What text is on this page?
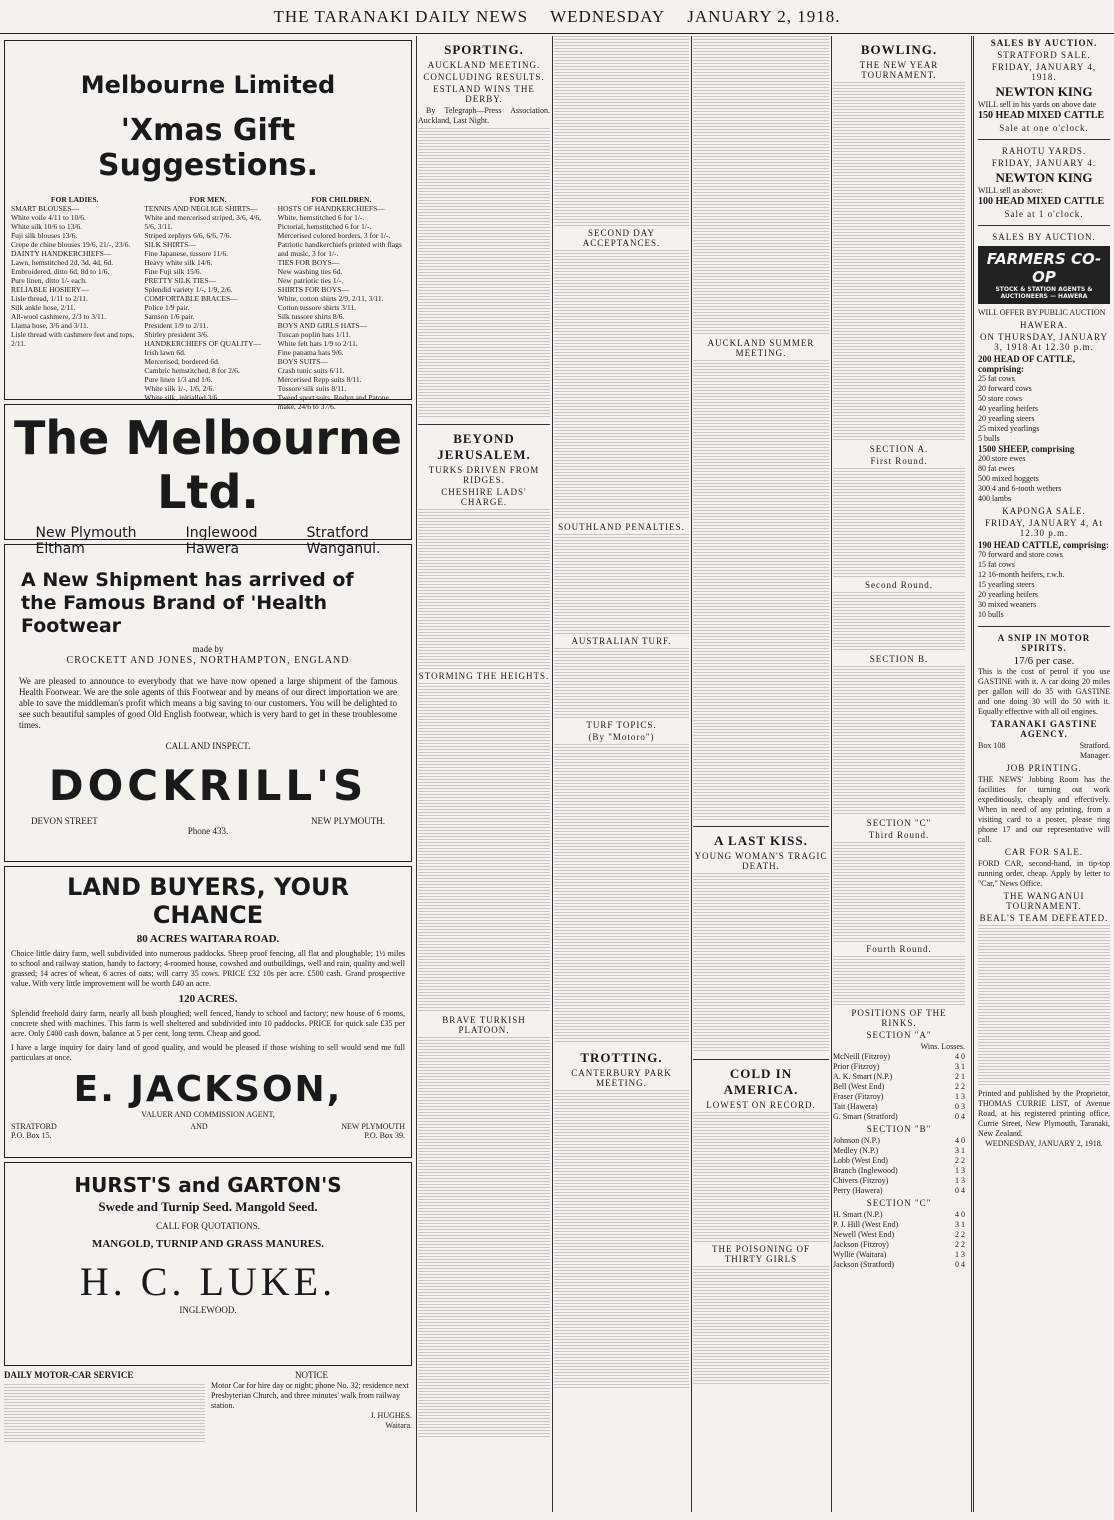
THE TARANAKI DAILY NEWS WEDNESDAY JANUARY 2, 1918.
Melbourne Limited
'Xmas Gift Suggestions.
FOR LADIES.
SMART BLOUSES—
White voile 4/11 to 10/6.
White silk 10/6 to 13/6.
Fuji silk blouses 13/6.
Crepe de chine blouses 19/6, 21/-, 23/6.
DAINTY HANDKERCHIEFS—
Lawn, hemstitched 2d, 3d, 4d, 6d.
Embroidered, ditto 6d, 8d to 1/6.
Pure linen, ditto 1/- each.
RELIABLE HOSIERY—
Lisle thread, 1/11 to 2/11.
Silk ankle hose, 2/11.
All-wool cashmere, 2/3 to 3/11.
Llama hose, 3/6 and 3/11.
Lisle thread with cashmere feet and tops, 2/11.
FOR MEN.
TENNIS AND NEGLIGE SHIRTS—
White and mercerised striped, 3/6, 4/6, 5/6, 3/11.
Striped zephyrs 6/6, 6/6, 7/6.
SILK SHIRTS—
Fine Japanese, tussore 11/6.
Heavy white silk 14/6.
Fine Fuji silk 15/6.
PRETTY SILK TIES—
Splendid variety 1/-, 1/9, 2/6.
COMFORTABLE BRACES—
Police 1/9 pair.
Samson 1/6 pair.
President 1/9 to 2/11.
Shirley president 3/6.
HANDKERCHIEFS OF QUALITY—
Irish lawn 6d.
Mercerised, bordered 6d.
Cambric hemstitched, 8 for 2/6.
Pure linen 1/3 and 1/6.
White silk 1/-, 1/6, 2/6.
White silk, initialled 3/6.
FOR CHILDREN.
HOSTS OF HANDKERCHIEFS—
White, hemstitched 6 for 1/-.
Pictorial, hemstitched 6 for 1/-.
Mercerised colored borders, 3 for 1/-.
Patriotic handkerchiefs printed with flags and music, 3 for 1/-.
TIES FOR BOYS—
New washing ties 6d.
New patriotic ties 1/-.
SHIRTS FOR BOYS—
White, cotton shirts 2/9, 2/11, 3/11.
Cotton tussore shirts 3/11.
Silk tussore shirts 8/6.
BOYS AND GIRLS HATS—
Tuscan poplin hats 1/11.
White felt hats 1/9 to 2/11.
Fine panama hats 9/6.
BOYS SUITS—
Crash tunic suits 6/11.
Mercerised Repp suits 8/11.
Tussore silk suits 8/11.
Tweed sport suits, Rodyn and Patone make, 24/6 to 37/6.
The Melbourne Ltd.
New Plymouth
Eltham
Inglewood
Hawera
Stratford
Wanganui.
A New Shipment has arrived of the Famous Brand of 'Health Footwear
made by
CROCKETT AND JONES, NORTHAMPTON, ENGLAND
We are pleased to announce to everybody that we have now opened a large shipment of the famous Health Footwear. We are the sole agents of this Footwear and by means of our direct importation we are able to save the middleman's profit which means a big saving to our customers. You will be delighted to see such beautiful samples of good Old English footwear, which is very hard to get in these troublesome times.
CALL AND INSPECT.
DOCKRILL'S
DEVON STREET	NEW PLYMOUTH.
Phone 433.
LAND BUYERS, YOUR CHANCE
80 ACRES WAITARA ROAD.
Choice little dairy farm, well subdivided into numerous paddocks. Sheep proof fencing, all flat and ploughable; 1½ miles to school and railway station, handy to factory; 4-roomed house, cowshed and outbuildings, well and rain, quality and well grassed; 14 acres of wheat, 6 acres of oats; will carry 35 cows. PRICE £32 10s per acre. £500 cash. Grand prospective value. With very little improvement will be worth £40 an acre.
120 ACRES.
Splendid freehold dairy farm, nearly all bush ploughed; well fenced, handy to school and factory; new house of 6 rooms, concrete shed with machines. This farm is well sheltered and subdivided into 10 paddocks. PRICE for quick sale £35 per acre. Only £400 cash down, balance at 5 per cent, long term. Cheap and good.
I have a large inquiry for dairy land of good quality, and would be pleased if those wishing to sell would send me full particulars at once.
E. JACKSON,
VALUER AND COMMISSION AGENT,
STRATFORD	AND	NEW PLYMOUTH
P.O. Box 15.	P.O. Box 39.
HURST'S and GARTON'S
Swede and Turnip Seed. Mangold Seed.
CALL FOR QUOTATIONS.
MANGOLD, TURNIP AND GRASS MANURES.
H. C. LUKE.
INGLEWOOD.
DAILY MOTOR-CAR SERVICE	NOTICE
Motor Car for hire day or night; phone No. 32; residence next Presbyterian Church, and three minutes' walk from railway station.
J. HUGHES.
Waitara.
SPORTING.
AUCKLAND MEETING.
CONCLUDING RESULTS.
ESTLAND WINS THE DERBY.
By Telegraph—Press Association. Auckland, Last Night.
BEYOND JERUSALEM.
TURKS DRIVEN FROM RIDGES.
CHESHIRE LADS' CHARGE.
STORMING THE HEIGHTS.
BRAVE TURKISH PLATOON.
SECOND DAY ACCEPTANCES.
SOUTHLAND PENALTIES.
AUSTRALIAN TURF.
TURF TOPICS.
(By "Motoro")
TROTTING.
CANTERBURY PARK MEETING.
AUCKLAND SUMMER MEETING.
A LAST KISS.
YOUNG WOMAN'S TRAGIC DEATH.
COLD IN AMERICA.
LOWEST ON RECORD.
THE POISONING OF THIRTY GIRLS
BOWLING.
THE NEW YEAR TOURNAMENT.
SECTION A.
First Round.
Second Round.
SECTION B.
SECTION "C"
Third Round.
Fourth Round.
POSITIONS OF THE RINKS.
SECTION "A"
Wins. Losses.
McNeill (Fitzroy)	4 0
Prior (Fitzroy)	3 1
A. K. Smart (N.P.)	2 1
Bell (West End)	2 2
Fraser (Fitzroy)	1 3
Tait (Hawera)	0 3
G. Smart (Stratford)	0 4
SECTION "B"
Johnson (N.P.)	4 0
Medley (N.P.)	3 1
Lobb (West End)	2 2
Branch (Inglewood)	1 3
Chivers (Fitzroy)	1 3
Perry (Hawera)	0 4
SECTION "C"
H. Smart (N.P.)	4 0
P. J. Hill (West End)	3 1
Newell (West End)	2 2
Jackson (Fitzroy)	2 2
Wyllie (Waitara)	1 3
Jackson (Stratford)	0 4
SALES BY AUCTION.
STRATFORD SALE.
FRIDAY, JANUARY 4, 1918.
NEWTON KING
WILL sell in his yards on above date
150 HEAD MIXED CATTLE
Sale at one o'clock.
RAHOTU YARDS.
FRIDAY, JANUARY 4.
NEWTON KING
WILL sell as above:
100 HEAD MIXED CATTLE
Sale at 1 o'clock.
SALES BY AUCTION.
FARMERS CO-OP
STOCK & STATION AGENTS & AUCTIONEERS — HAWERA
WILL OFFER BY PUBLIC AUCTION
HAWERA.
ON THURSDAY, JANUARY 3, 1918 At 12.30 p.m.
200 HEAD OF CATTLE, comprising:
25 fat cows
20 forward cows
50 store cows
40 yearling heifers
20 yearling steers
25 mixed yearlings
5 bulls
1500 SHEEP, comprising
200 store ewes
80 fat ewes
500 mixed hoggets
300 4 and 6-tooth wethers
400 lambs
KAPONGA SALE.
FRIDAY, JANUARY 4, At 12.30 p.m.
190 HEAD CATTLE, comprising:
70 forward and store cows
15 fat cows
12 16-month heifers, r.w.h.
15 yearling steers
20 yearling heifers
30 mixed weaners
10 bulls
A SNIP IN MOTOR SPIRITS.
17/6 per case.
This is the cost of petrol if you use GASTINE with it. A car doing 20 miles per gallon will do 35 with GASTINE and one doing 30 will do 50 with it. Equally effective with all oil engines.
TARANAKI GASTINE AGENCY.
Box 108	Stratford.
Manager.
JOB PRINTING.
THE NEWS' Jobbing Room has the facilities for turning out work expeditiously, cheaply and effectively. When in need of any printing, from a visiting card to a poster, please ring phone 17 and our representative will call.
CAR FOR SALE.
FORD CAR, second-hand, in tip-top running order, cheap. Apply by letter to "Car," News Office.
THE WANGANUI TOURNAMENT.
BEAL'S TEAM DEFEATED.
Printed and published by the Proprietor, THOMAS CURRIE LIST, of Avenue Road, at his registered printing office, Currie Street, New Plymouth, Taranaki, New Zealand.
WEDNESDAY, JANUARY 2, 1918.
